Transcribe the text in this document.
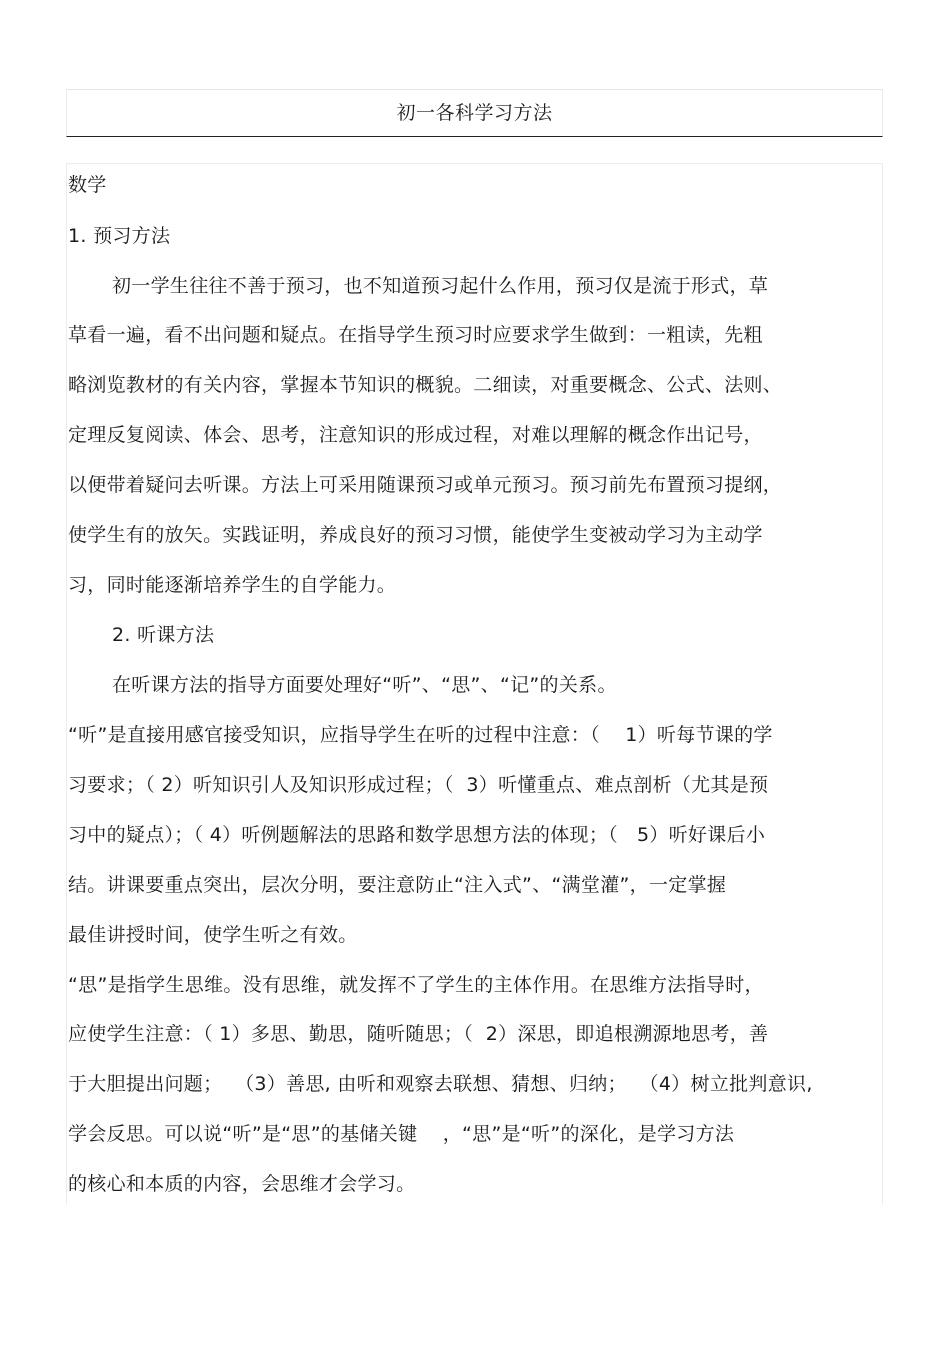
初一各科学习方法
数学
1. 预习方法
初一学生往往不善于预习，也不知道预习起什么作用，预习仅是流于形式，草
草看一遍，看不出问题和疑点。在指导学生预习时应要求学生做到：一粗读，先粗
略浏览教材的有关内容，掌握本节知识的概貌。二细读，对重要概念、公式、法则、
定理反复阅读、体会、思考，注意知识的形成过程，对难以理解的概念作出记号，
以便带着疑问去听课。方法上可采用随课预习或单元预习。预习前先布置预习提纲，
使学生有的放矢。实践证明，养成良好的预习习惯，能使学生变被动学习为主动学
习，同时能逐渐培养学生的自学能力。
2. 听课方法
在听课方法的指导方面要处理好“听”、“思”、“记”的关系。
“听”是直接用感官接受知识，应指导学生在听的过程中注意：（    1）听每节课的学
习要求；（ 2）听知识引人及知识形成过程；（  3）听懂重点、难点剖析（尤其是预
习中的疑点）；（ 4）听例题解法的思路和数学思想方法的体现；（   5）听好课后小
结。讲课要重点突出，层次分明，要注意防止“注入式”、“满堂灌”，一定掌握
最佳讲授时间，使学生听之有效。
“思”是指学生思维。没有思维，就发挥不了学生的主体作用。在思维方法指导时，
应使学生注意：（ 1）多思、勤思，随听随思；（  2）深思，即追根溯源地思考，善
于大胆提出问题；  （3）善思, 由听和观察去联想、猜想、归纳；  （4）树立批判意识,
学会反思。可以说“听”是“思”的基储关键    ，“思”是“听”的深化，是学习方法
的核心和本质的内容，会思维才会学习。
